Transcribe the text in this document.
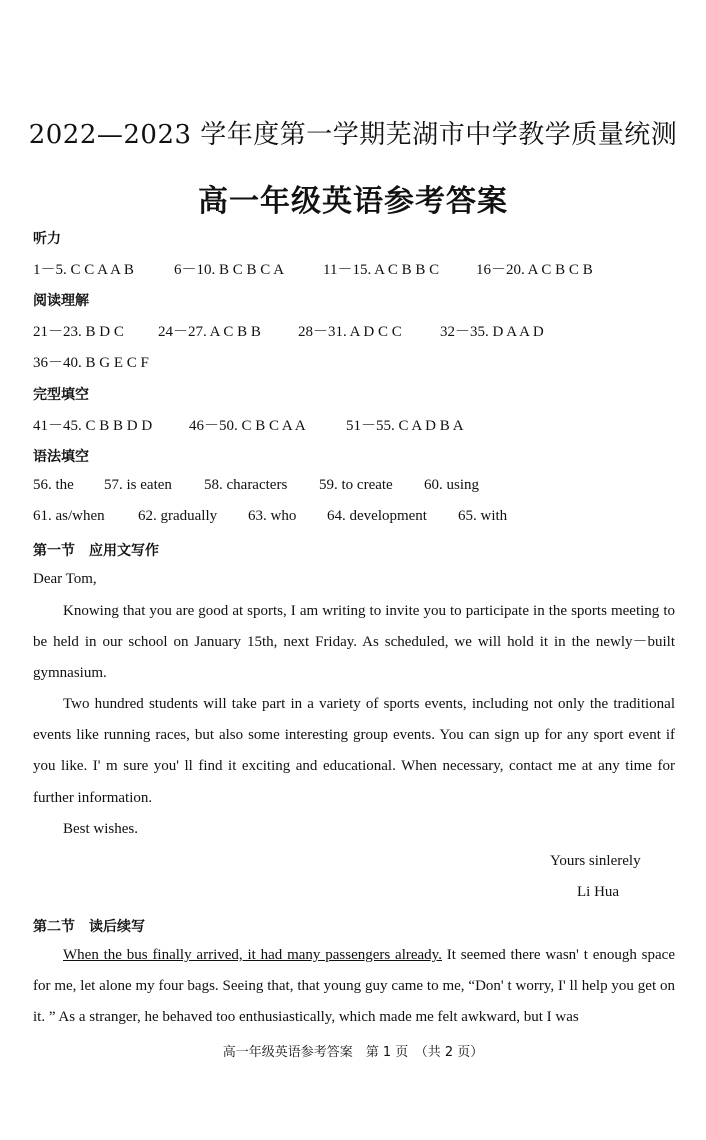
2022—2023 学年度第一学期芜湖市中学教学质量统测
高一年级英语参考答案
听力
1－5. C C A A B	6－10. B C B C A	11－15. A C B B C 16－20. A C B C B
阅读理解
21－23. B D C 24－27. A C B B 28－31. A D C C	32－35. D A A D
36－40. B G E C F
完型填空
41－45. C B B D D 46－50. C B C A A	51－55. C A D B A
语法填空
56. the 57. is eaten 58. characters 59. to create 60. using
61. as/when 62. gradually 63. who 64. development 65. with
第一节　应用文写作
Dear Tom,
Knowing that you are good at sports, I am writing to invite you to participate in the sports meeting to be held in our school on January 15th, next Friday. As scheduled, we will hold it in the newly－built gymnasium.
Two hundred students will take part in a variety of sports events, including not only the traditional events like running races, but also some interesting group events. You can sign up for any sport event if you like. I' m sure you' ll find it exciting and educational. When necessary, contact me at any time for further information.
Best wishes.
Yours sinlerely
Li Hua
第二节　读后续写
When the bus finally arrived, it had many passengers already. It seemed there wasn' t enough space for me, let alone my four bags. Seeing that, that young guy came to me, “Don' t worry, I' ll help you get on it. ” As a stranger, he behaved too enthusiastically, which made me felt awkward, but I was
高一年级英语参考答案　第 1 页　（共 2 页）
